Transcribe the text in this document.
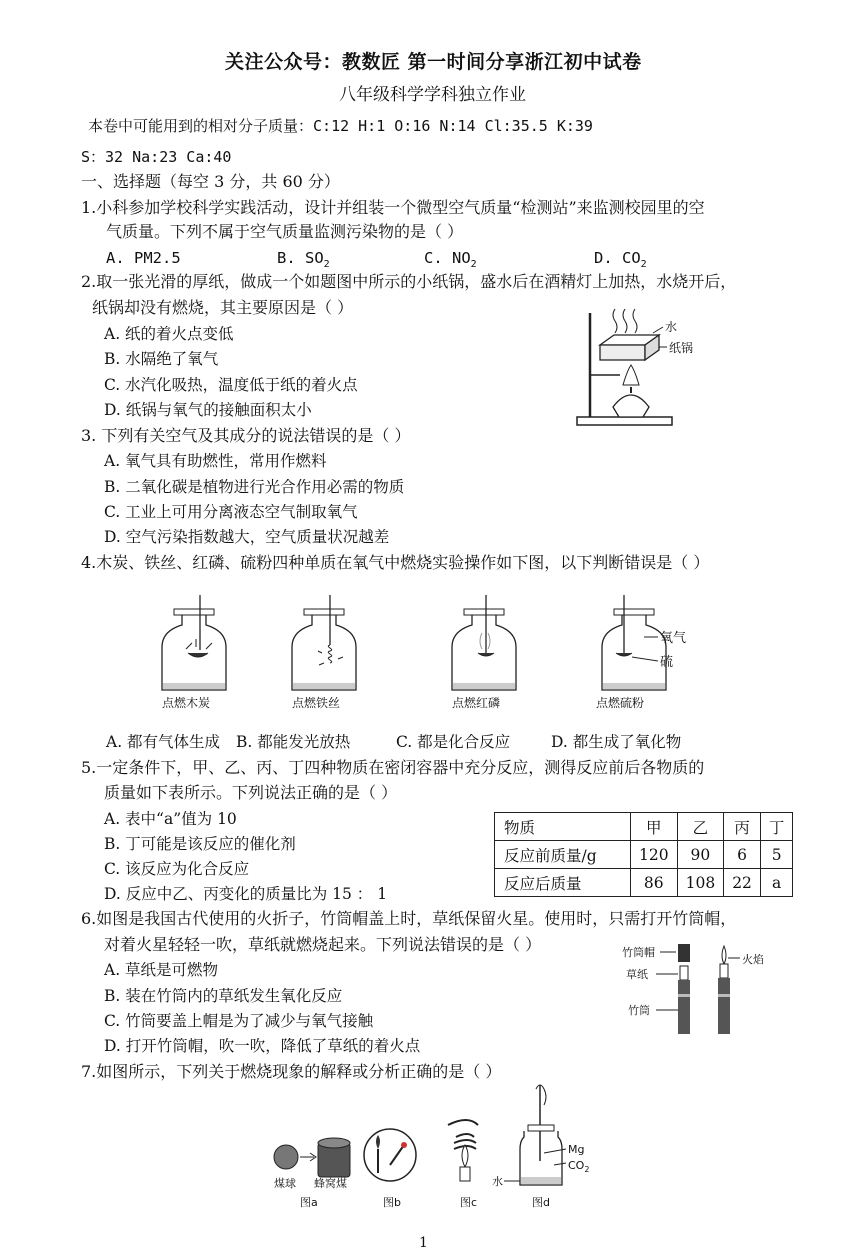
关注公众号：教数匠 第一时间分享浙江初中试卷
八年级科学学科独立作业
本卷中可能用到的相对分子质量：C:12 H:1 O:16 N:14 Cl:35.5 K:39
S：32 Na:23 Ca:40
一、选择题（每空 3 分，共 60 分）
1.小科参加学校科学实践活动，设计并组装一个微型空气质量“检测站”来监测校园里的空
气质量。下列不属于空气质量监测污染物的是（ ）
A. PM2.5	B. $SO_2$	C. $NO_2$	D. $CO_2$
2.取一张光滑的厚纸，做成一个如题图中所示的小纸锅，盛水后在酒精灯上加热，水烧开后，
纸锅却没有燃烧，其主要原因是（ ）
A. 纸的着火点变低
B. 水隔绝了氧气
C. 水汽化吸热，温度低于纸的着火点
D. 纸锅与氧气的接触面积太小
水
纸锅
3. 下列有关空气及其成分的说法错误的是（ ）
A. 氧气具有助燃性，常用作燃料
B. 二氧化碳是植物进行光合作用必需的物质
C. 工业上可用分离液态空气制取氧气
D. 空气污染指数越大，空气质量状况越差
4.木炭、铁丝、红磷、硫粉四种单质在氧气中燃烧实验操作如下图，以下判断错误是（ ）
点燃木炭	点燃铁丝	点燃红磷
氧气
硫
点燃硫粉
A. 都有气体生成 B. 都能发光放热	C. 都是化合反应	D. 都生成了氧化物
5.一定条件下，甲、乙、丙、丁四种物质在密闭容器中充分反应，测得反应前后各物质的
质量如下表所示。下列说法正确的是（ ）
A. 表中“a”值为 10
B. 丁可能是该反应的催化剂
C. 该反应为化合反应
D. 反应中乙、丙变化的质量比为 15 ： 1
物质	甲	乙	丙	丁
反应前质量/g	120	90	6	5
反应后质量	86	108	22	a
6.如图是我国古代使用的火折子，竹筒帽盖上时，草纸保留火星。使用时，只需打开竹筒帽，
对着火星轻轻一吹，草纸就燃烧起来。下列说法错误的是（ ）
A. 草纸是可燃物
B. 装在竹筒内的草纸发生氧化反应
C. 竹筒要盖上帽是为了减少与氧气接触
D. 打开竹筒帽，吹一吹，降低了草纸的着火点
竹筒帽
草纸
竹筒
火焰
7.如图所示，下列关于燃烧现象的解释或分析正确的是（ ）
煤球 蜂窝煤
图a	图b	图c
Mg
$CO_2$
水
图d
1
